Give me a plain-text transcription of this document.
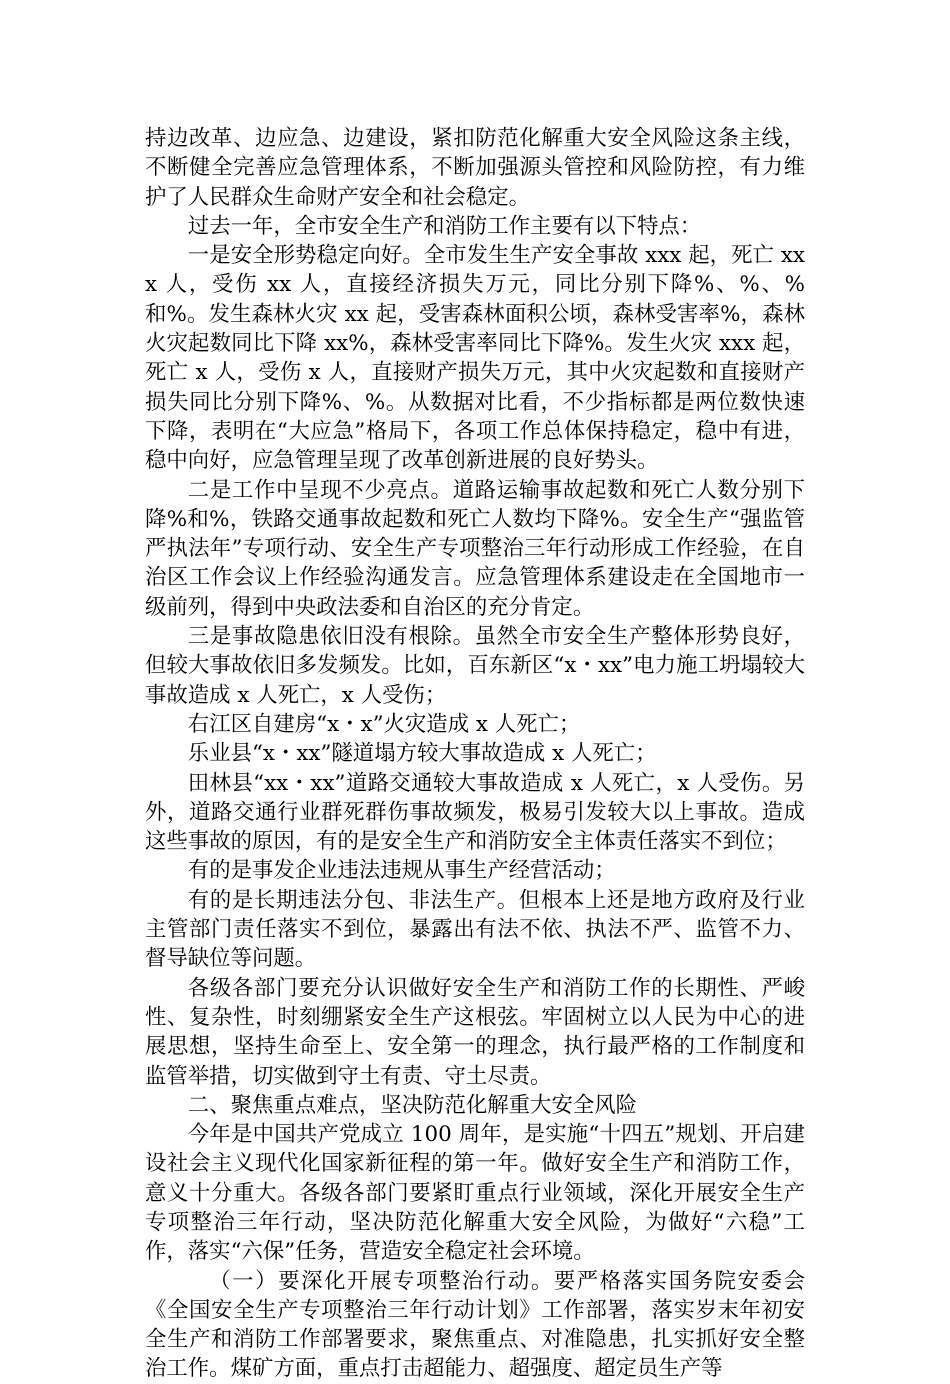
持边改革、边应急、边建设，紧扣防范化解重大安全风险这条主线，不断健全完善应急管理体系，不断加强源头管控和风险防控，有力维护了人民群众生命财产安全和社会稳定。

过去一年，全市安全生产和消防工作主要有以下特点：

一是安全形势稳定向好。全市发生生产安全事故 xxx 起，死亡 xxx 人，受伤 xx 人，直接经济损失万元，同比分别下降%、%、%和%。发生森林火灾 xx 起，受害森林面积公顷，森林受害率%，森林火灾起数同比下降 xx%，森林受害率同比下降%。发生火灾 xxx 起，死亡 x 人，受伤 x 人，直接财产损失万元，其中火灾起数和直接财产损失同比分别下降%、%。从数据对比看，不少指标都是两位数快速下降，表明在“大应急”格局下，各项工作总体保持稳定，稳中有进，稳中向好，应急管理呈现了改革创新进展的良好势头。

二是工作中呈现不少亮点。道路运输事故起数和死亡人数分别下降%和%，铁路交通事故起数和死亡人数均下降%。安全生产“强监管严执法年”专项行动、安全生产专项整治三年行动形成工作经验，在自治区工作会议上作经验沟通发言。应急管理体系建设走在全国地市一级前列，得到中央政法委和自治区的充分肯定。

三是事故隐患依旧没有根除。虽然全市安全生产整体形势良好，但较大事故依旧多发频发。比如，百东新区“x・xx”电力施工坍塌较大事故造成 x 人死亡，x 人受伤；

右江区自建房“x・x”火灾造成 x 人死亡；

乐业县“x・xx”隧道塌方较大事故造成 x 人死亡；

田林县“xx・xx”道路交通较大事故造成 x 人死亡，x 人受伤。另外，道路交通行业群死群伤事故频发，极易引发较大以上事故。造成这些事故的原因，有的是安全生产和消防安全主体责任落实不到位；

有的是事发企业违法违规从事生产经营活动；

有的是长期违法分包、非法生产。但根本上还是地方政府及行业主管部门责任落实不到位，暴露出有法不依、执法不严、监管不力、督导缺位等问题。

各级各部门要充分认识做好安全生产和消防工作的长期性、严峻性、复杂性，时刻绷紧安全生产这根弦。牢固树立以人民为中心的进展思想，坚持生命至上、安全第一的理念，执行最严格的工作制度和监管举措，切实做到守土有责、守土尽责。

二、聚焦重点难点，坚决防范化解重大安全风险

今年是中国共产党成立 100 周年，是实施“十四五”规划、开启建设社会主义现代化国家新征程的第一年。做好安全生产和消防工作，意义十分重大。各级各部门要紧盯重点行业领域，深化开展安全生产专项整治三年行动，坚决防范化解重大安全风险，为做好“六稳”工作，落实“六保”任务，营造安全稳定社会环境。

（一）要深化开展专项整治行动。要严格落实国务院安委会《全国安全生产专项整治三年行动计划》工作部署，落实岁末年初安全生产和消防工作部署要求，聚焦重点、对准隐患，扎实抓好安全整治工作。煤矿方面，重点打击超能力、超强度、超定员生产等
